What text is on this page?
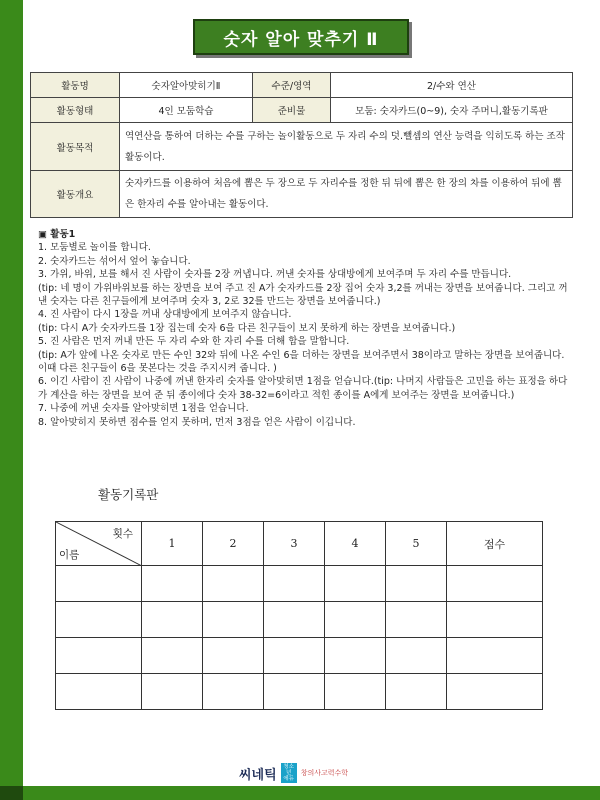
숫자 알아 맞추기 Ⅱ
활동명	숫자알아맞히기Ⅱ	수준/영역	2/수와 연산
활동형태	4인 모둠학습	준비물	모둠: 숫자카드(0~9), 숫자 주머니,활동기록판
활동목적	역연산을 통하여 더하는 수를 구하는 놀이활동으로 두 자리 수의 덧.뺄셈의 연산 능력을 익히도록 하는 조작 활동이다.		
활동개요	숫자카드를 이용하여 처음에 뽑은 두 장으로 두 자리수를 정한 뒤 뒤에 뽑은 한 장의 차를 이용하여 뒤에 뽑은 한자리 수를 알아내는 활동이다.		
▣ 활동1
1. 모둠별로 놀이를 합니다.
2. 숫자카드는 섞어서 엎어 놓습니다.
3. 가위, 바위, 보를 해서 진 사람이 숫자를 2장 꺼냅니다. 꺼낸 숫자를 상대방에게 보여주며 두 자리 수를 만듭니다.
(tip: 네 명이 가위바위보를 하는 장면을 보여 주고 진 A가 숫자카드를 2장 집어 숫자 3,2를 꺼내는 장면을 보여줍니다. 그리고 꺼낸 숫자는 다른 친구들에게 보여주며 숫자 3, 2로 32를 만드는 장면을 보여줍니다.)
4. 진 사람이 다시 1장을 꺼내 상대방에게 보여주지 않습니다.
(tip: 다시 A가 숫자카드를 1장 집는데 숫자 6을 다른 친구들이 보지 못하게 하는 장면을 보여줍니다.)
5. 진 사람은 먼저 꺼내 만든 두 자리 수와 한 자리 수를 더해 합을 말합니다.
(tip: A가 앞에 나온 숫자로 만든 수인 32와 뒤에 나온 수인 6을 더하는 장면을 보여주면서 38이라고 말하는 장면을 보여줍니다. 이때 다른 친구들이 6을 못본다는 것을 주지시켜 줍니다. )
6. 이긴 사람이 진 사람이 나중에 꺼낸 한자리 숫자를 알아맞히면 1점을 얻습니다.(tip: 나머지 사람들은 고민을 하는 표정을 하다가 계산을 하는 장면을 보여 준 뒤 종이에다 숫자 38-32=6이라고 적힌 종이를 A에게 보여주는 장면을 보여줍니다.)
7. 나중에 꺼낸 숫자를 알아맞히면 1점을 얻습니다.
8. 알아맞히지 못하면 점수를 얻지 못하며, 먼저 3점을 얻은 사람이 이깁니다.
활동기록판
횟수
이름	1	2	3	4	5	점수

씨네틱
청소년 에듀
창의사고력수학
